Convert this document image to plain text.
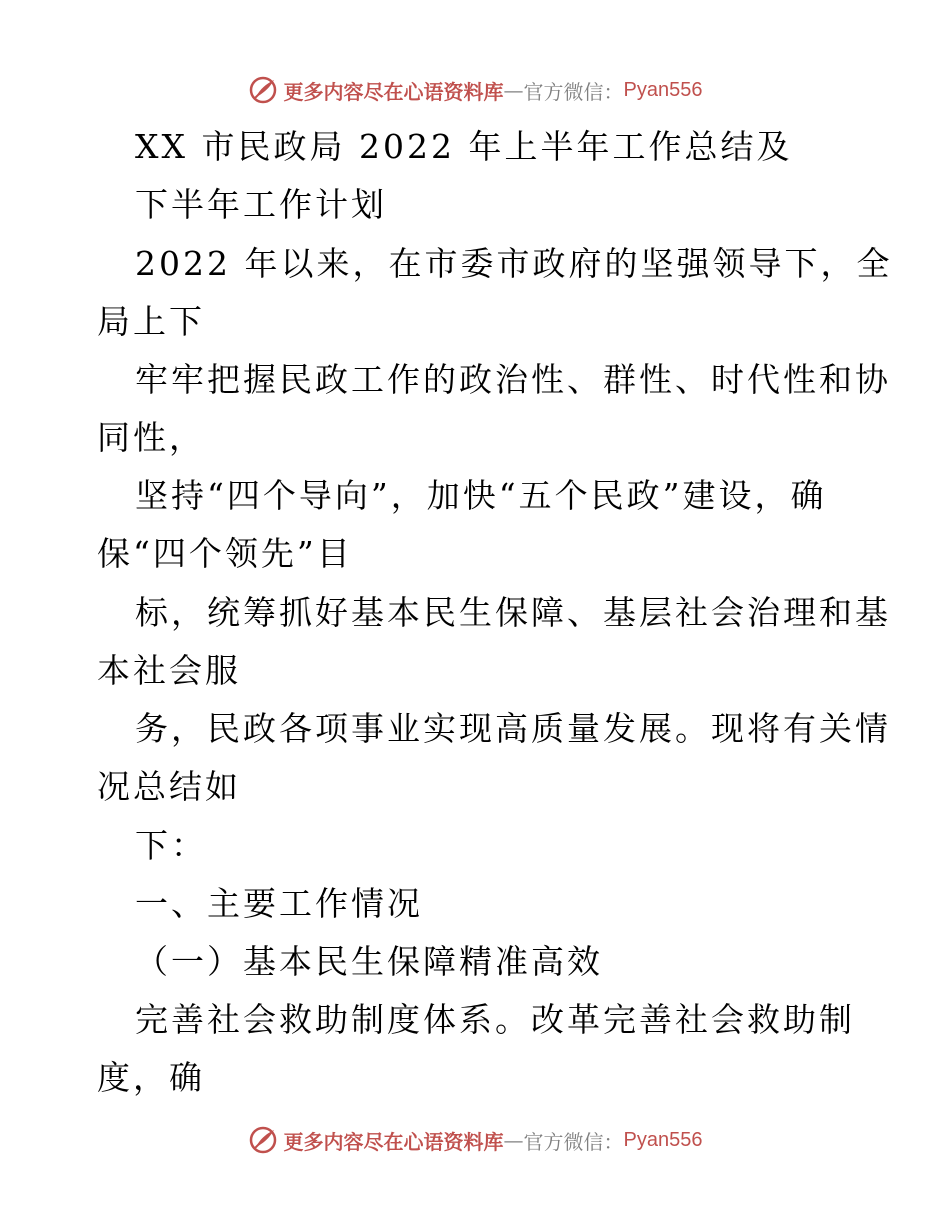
更多内容尽在心语资料库 — 官方微信： Pyan556
XX 市民政局 2022 年上半年工作总结及
下半年工作计划
2022 年以来，在市委市政府的坚强领导下，全
局上下
牢牢把握民政工作的政治性、群性、时代性和协
同性，
坚持“四个导向”，加快“五个民政”建设，确
保“四个领先”目
标，统筹抓好基本民生保障、基层社会治理和基
本社会服
务，民政各项事业实现高质量发展。现将有关情
况总结如
下：
一、主要工作情况
（一）基本民生保障精准高效
完善社会救助制度体系。改革完善社会救助制
度，确
更多内容尽在心语资料库 — 官方微信： Pyan556
